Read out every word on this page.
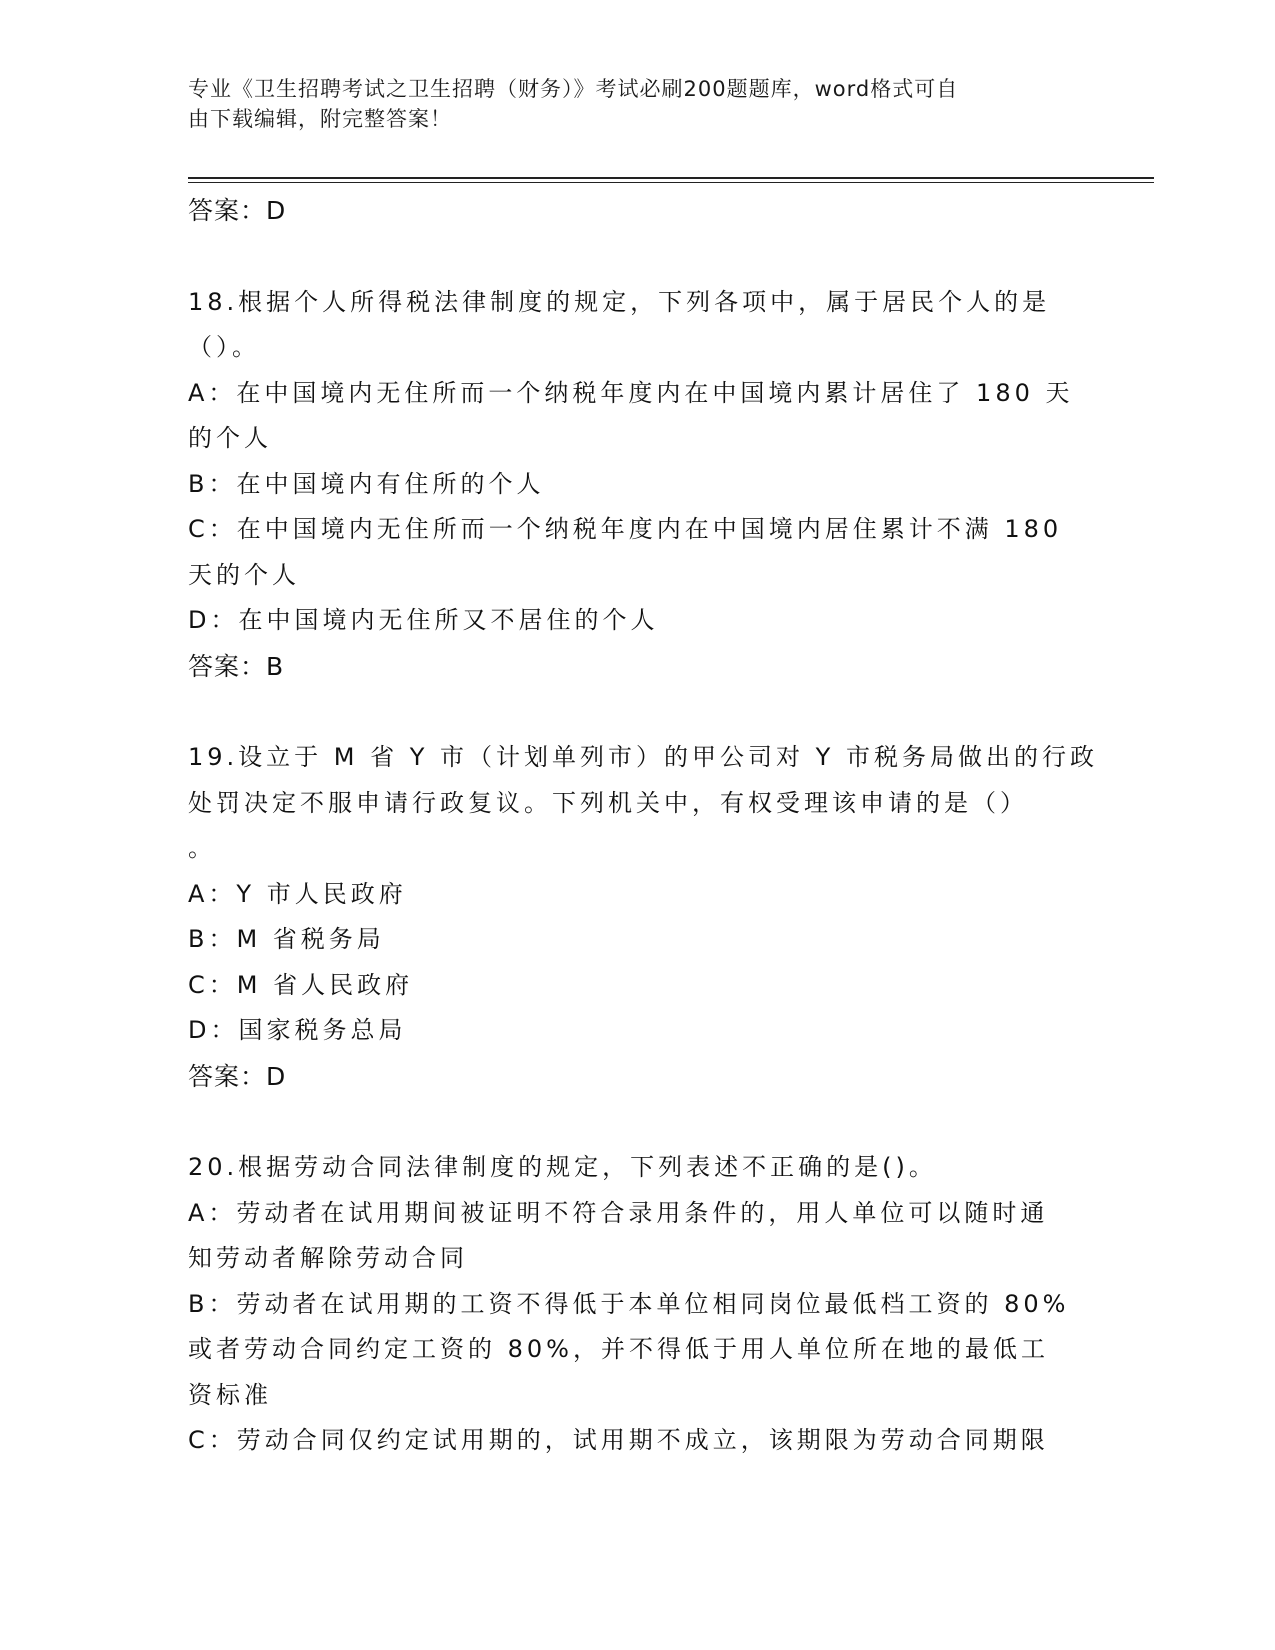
专业《卫生招聘考试之卫生招聘（财务）》考试必刷200题题库，word格式可自
由下载编辑，附完整答案！
答案：D
18.根据个人所得税法律制度的规定，下列各项中，属于居民个人的是
（）。
A：在中国境内无住所而一个纳税年度内在中国境内累计居住了 180 天
的个人
B：在中国境内有住所的个人
C：在中国境内无住所而一个纳税年度内在中国境内居住累计不满 180
天的个人
D：在中国境内无住所又不居住的个人
答案：B
19.设立于 M 省 Y 市（计划单列市）的甲公司对 Y 市税务局做出的行政
处罚决定不服申请行政复议。下列机关中，有权受理该申请的是（）
。
A：Y 市人民政府
B：M 省税务局
C：M 省人民政府
D：国家税务总局
答案：D
20.根据劳动合同法律制度的规定，下列表述不正确的是()。
A：劳动者在试用期间被证明不符合录用条件的，用人单位可以随时通
知劳动者解除劳动合同
B：劳动者在试用期的工资不得低于本单位相同岗位最低档工资的 80%
或者劳动合同约定工资的 80%，并不得低于用人单位所在地的最低工
资标准
C：劳动合同仅约定试用期的，试用期不成立，该期限为劳动合同期限
